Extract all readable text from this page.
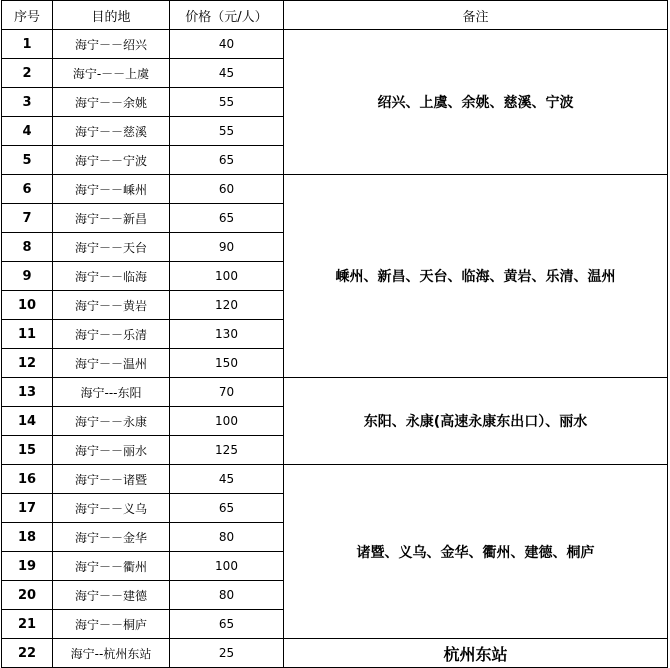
序号	目的地	价格（元/人）	备注
1	海宁－－绍兴	40	绍兴、上虞、余姚、慈溪、宁波
2	海宁-－－上虞	45	
3	海宁－－余姚	55	
4	海宁－－慈溪	55	
5	海宁－－宁波	65	
6	海宁－－嵊州	60	嵊州、新昌、天台、临海、黄岩、乐清、温州
7	海宁－－新昌	65	
8	海宁－－天台	90	
9	海宁－－临海	100	
10	海宁－－黄岩	120	
11	海宁－－乐清	130	
12	海宁－－温州	150	
13	海宁---东阳	70	东阳、永康(高速永康东出口）、丽水
14	海宁－－永康	100	
15	海宁－－丽水	125	
16	海宁－－诸暨	45	诸暨、义乌、金华、衢州、建德、桐庐
17	海宁－－义乌	65	
18	海宁－－金华	80	
19	海宁－－衢州	100	
20	海宁－－建德	80	
21	海宁－－桐庐	65	
22	海宁--杭州东站	25	杭州东站
